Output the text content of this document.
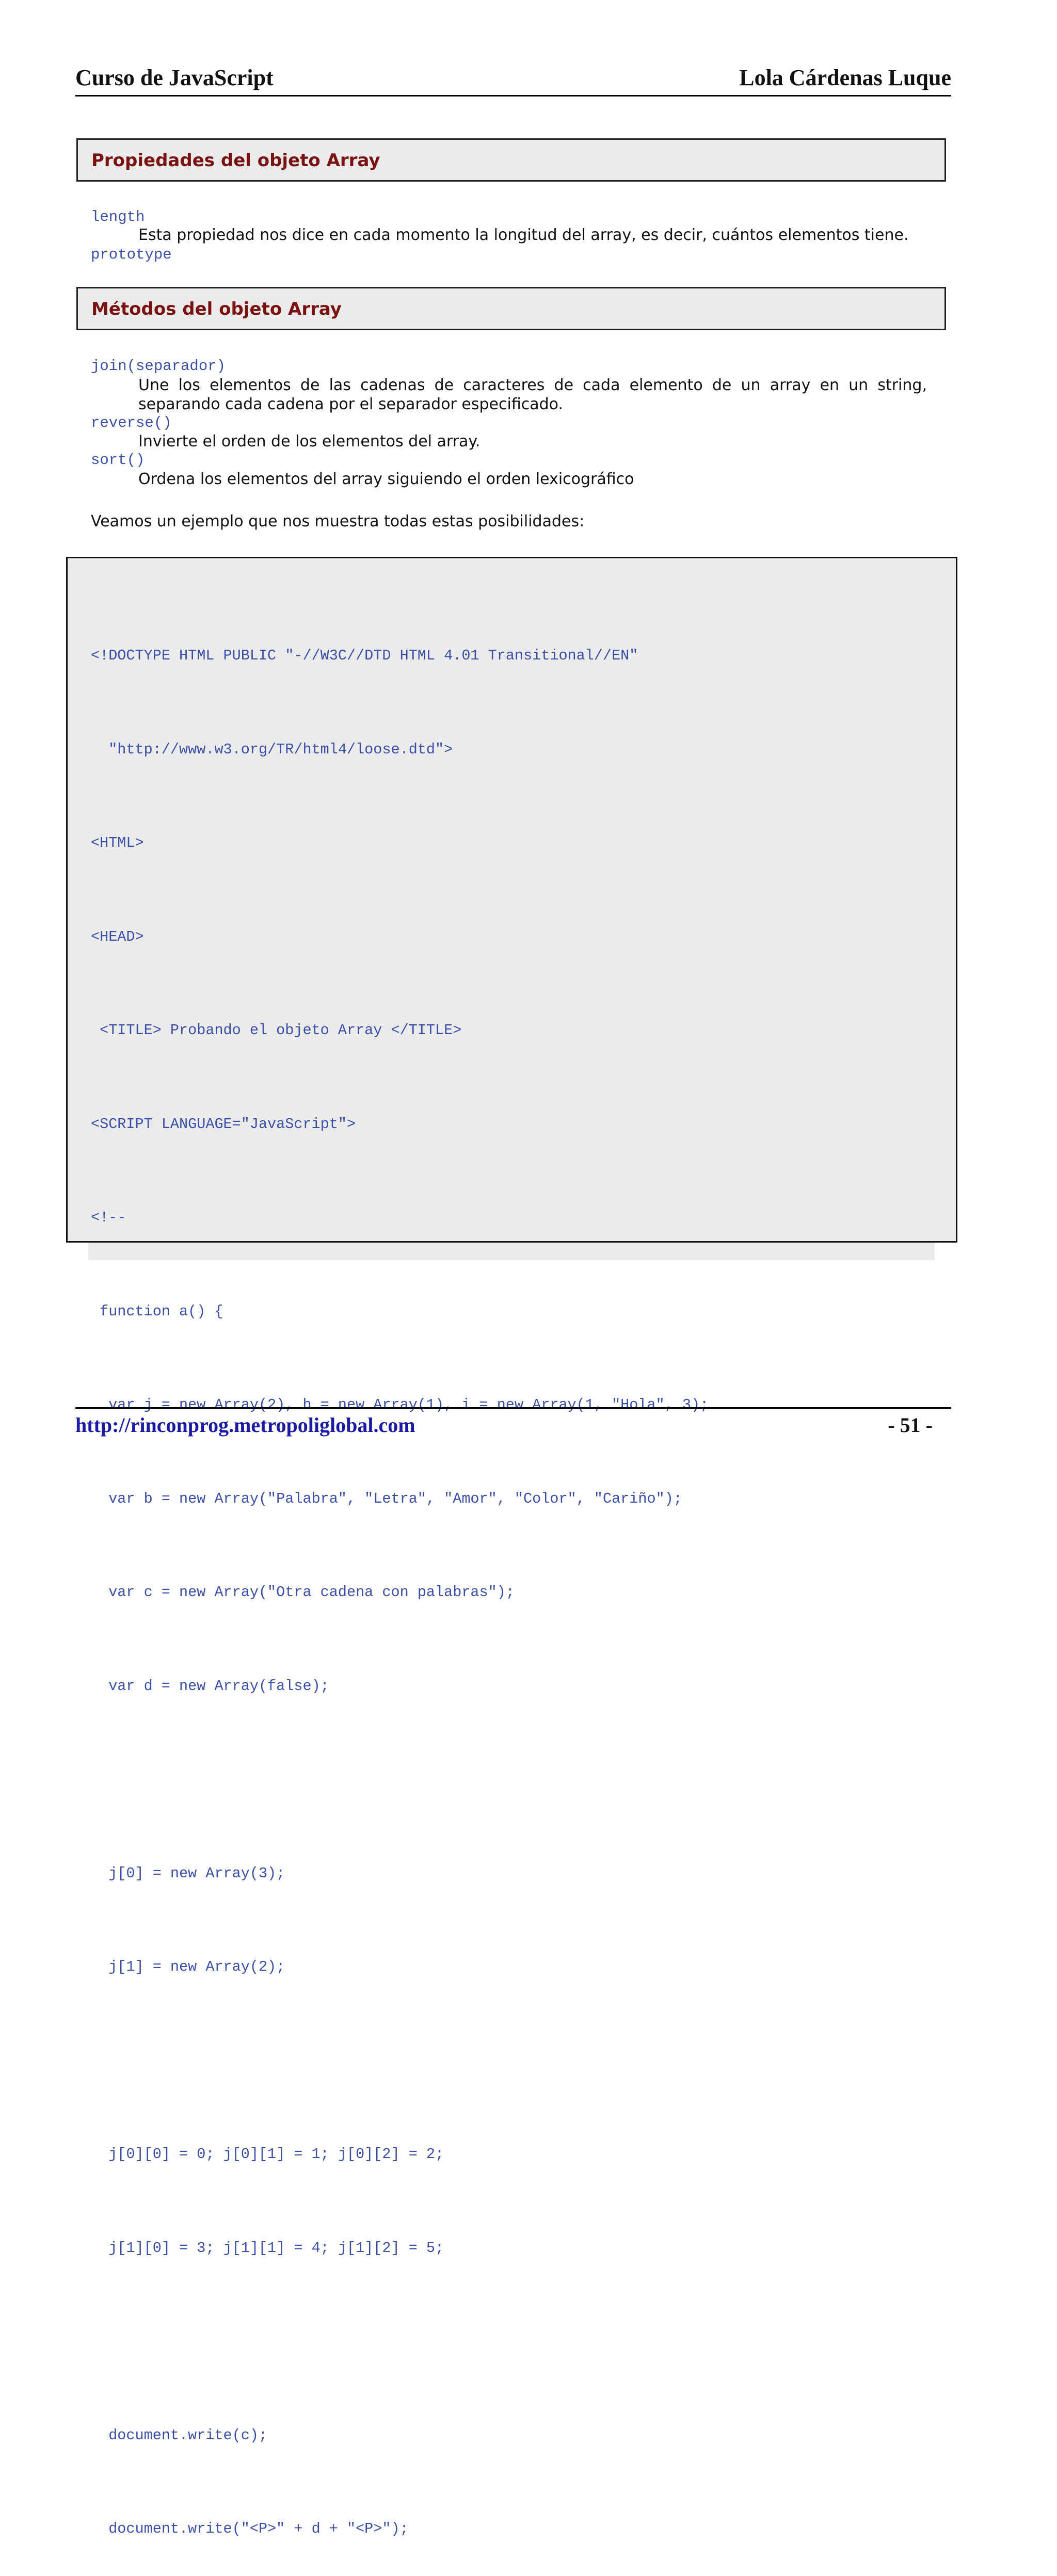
Curso de JavaScript	Lola Cárdenas Luque
Propiedades del objeto Array
length
Esta propiedad nos dice en cada momento la longitud del array, es decir, cuántos elementos tiene.
prototype
Métodos del objeto Array
join(separador)
Une los elementos de las cadenas de caracteres de cada elemento de un array en un string, separando cada cadena por el separador especificado.
reverse()
Invierte el orden de los elementos del array.
sort()
Ordena los elementos del array siguiendo el orden lexicográfico
Veamos un ejemplo que nos muestra todas estas posibilidades:

<!DOCTYPE HTML PUBLIC "-//W3C//DTD HTML 4.01 Transitional//EN"

"http://www.w3.org/TR/html4/loose.dtd">

<HTML>

<HEAD>

<TITLE> Probando el objeto Array </TITLE>

<SCRIPT LANGUAGE="JavaScript">

<!--

function a() {

var j = new Array(2), h = new Array(1), i = new Array(1, "Hola", 3);

var b = new Array("Palabra", "Letra", "Amor", "Color", "Cariño");

var c = new Array("Otra cadena con palabras");

var d = new Array(false);

j[0] = new Array(3);

j[1] = new Array(2);

j[0][0] = 0; j[0][1] = 1; j[0][2] = 2;

j[1][0] = 3; j[1][1] = 4; j[1][2] = 5;

document.write(c);

document.write("<P>" + d + "<P>");

http://rinconprog.metropoliglobal.com	- 51 -
